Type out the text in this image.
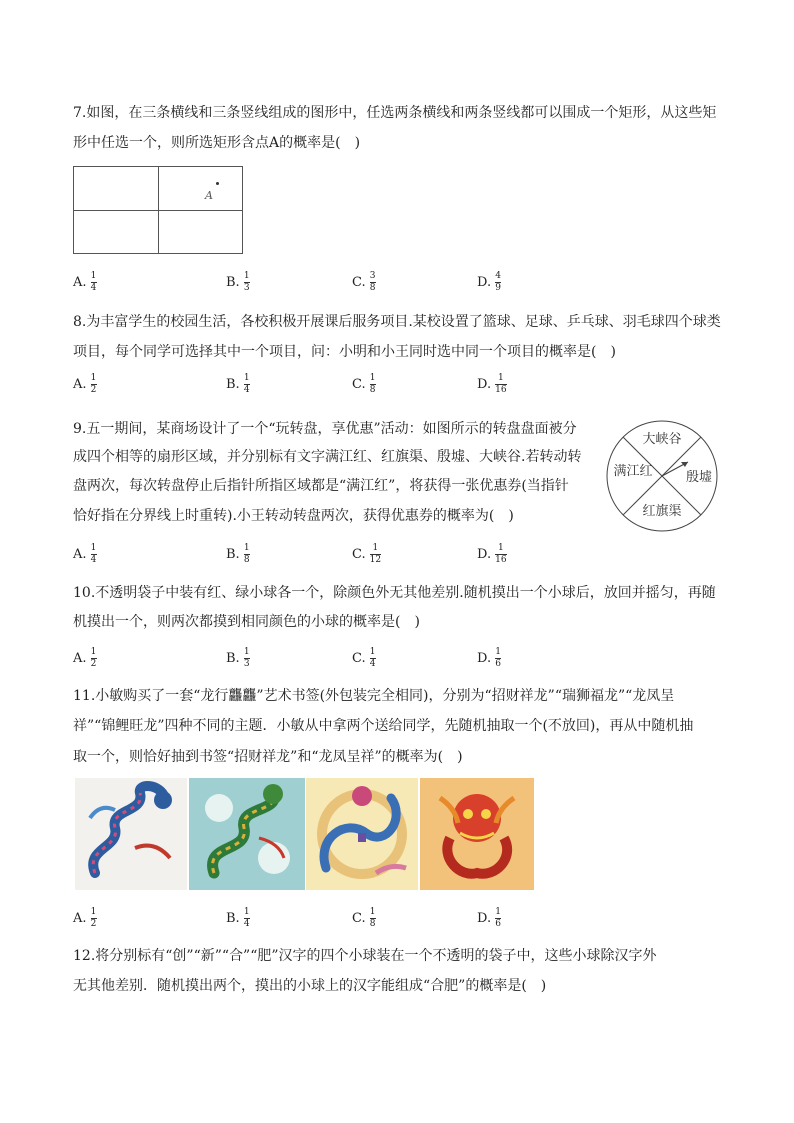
7.如图，在三条横线和三条竖线组成的图形中，任选两条横线和两条竖线都可以围成一个矩形，从这些矩
形中任选一个，则所选矩形含点A的概率是(　)
A
A. $\frac{1}{4}$	B. $\frac{1}{3}$	C. $\frac{3}{8}$	D. $\frac{4}{9}$
8.为丰富学生的校园生活，各校积极开展课后服务项目.某校设置了篮球、足球、乒乓球、羽毛球四个球类
项目，每个同学可选择其中一个项目，问：小明和小王同时选中同一个项目的概率是(　)
A. $\frac{1}{2}$	B. $\frac{1}{4}$	C. $\frac{1}{8}$	D. $\frac{1}{16}$
9.五一期间，某商场设计了一个“玩转盘，享优惠”活动：如图所示的转盘盘面被分
成四个相等的扇形区域，并分别标有文字满江红、红旗渠、殷墟、大峡谷.若转动转
盘两次，每次转盘停止后指针所指区域都是“满江红”，将获得一张优惠券(当指针
恰好指在分界线上时重转).小王转动转盘两次，获得优惠券的概率为(　)
大峡谷
殷墟
红旗渠
满江红
A. $\frac{1}{4}$	B. $\frac{1}{8}$	C. $\frac{1}{12}$	D. $\frac{1}{16}$
10.不透明袋子中装有红、绿小球各一个，除颜色外无其他差别.随机摸出一个小球后，放回并摇匀，再随
机摸出一个，则两次都摸到相同颜色的小球的概率是(　)
A. $\frac{1}{2}$	B. $\frac{1}{3}$	C. $\frac{1}{4}$	D. $\frac{1}{6}$
11.小敏购买了一套“龙行龘龘”艺术书签(外包装完全相同)，分别为“招财祥龙”“瑞狮福龙”“龙凤呈
祥”“锦鲤旺龙”四种不同的主题．小敏从中拿两个送给同学，先随机抽取一个(不放回)，再从中随机抽
取一个，则恰好抽到书签“招财祥龙”和“龙凤呈祥”的概率为(　)
A. $\frac{1}{2}$	B. $\frac{1}{4}$	C. $\frac{1}{8}$	D. $\frac{1}{6}$
12.将分别标有“创”“新”“合”“肥”汉字的四个小球装在一个不透明的袋子中，这些小球除汉字外
无其他差别．随机摸出两个，摸出的小球上的汉字能组成“合肥”的概率是(　)
